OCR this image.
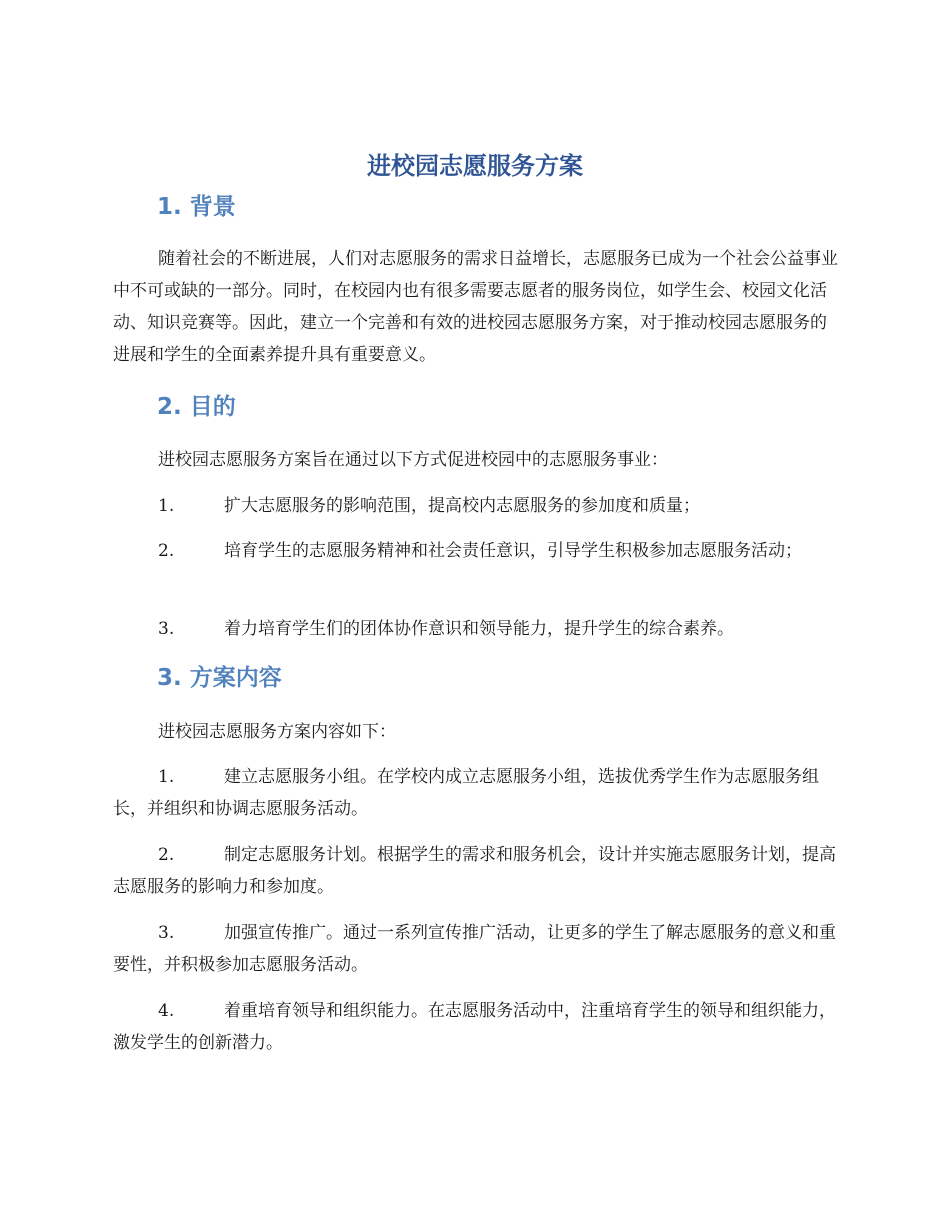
进校园志愿服务方案
1. 背景

随着社会的不断进展，人们对志愿服务的需求日益增长，志愿服务已成为一个社会公益事业中不可或缺的一部分。同时，在校园内也有很多需要志愿者的服务岗位，如学生会、校园文化活动、知识竞赛等。因此，建立一个完善和有效的进校园志愿服务方案，对于推动校园志愿服务的进展和学生的全面素养提升具有重要意义。

2. 目的

进校园志愿服务方案旨在通过以下方式促进校园中的志愿服务事业：

1.	扩大志愿服务的影响范围，提高校内志愿服务的参加度和质量；

2.	培育学生的志愿服务精神和社会责任意识，引导学生积极参加志愿服务活动；

3.	着力培育学生们的团体协作意识和领导能力，提升学生的综合素养。

3. 方案内容

进校园志愿服务方案内容如下：

1.	建立志愿服务小组。在学校内成立志愿服务小组，选拔优秀学生作为志愿服务组长，并组织和协调志愿服务活动。

2.	制定志愿服务计划。根据学生的需求和服务机会，设计并实施志愿服务计划，提高志愿服务的影响力和参加度。

3.	加强宣传推广。通过一系列宣传推广活动，让更多的学生了解志愿服务的意义和重要性，并积极参加志愿服务活动。

4.	着重培育领导和组织能力。在志愿服务活动中，注重培育学生的领导和组织能力，激发学生的创新潜力。
